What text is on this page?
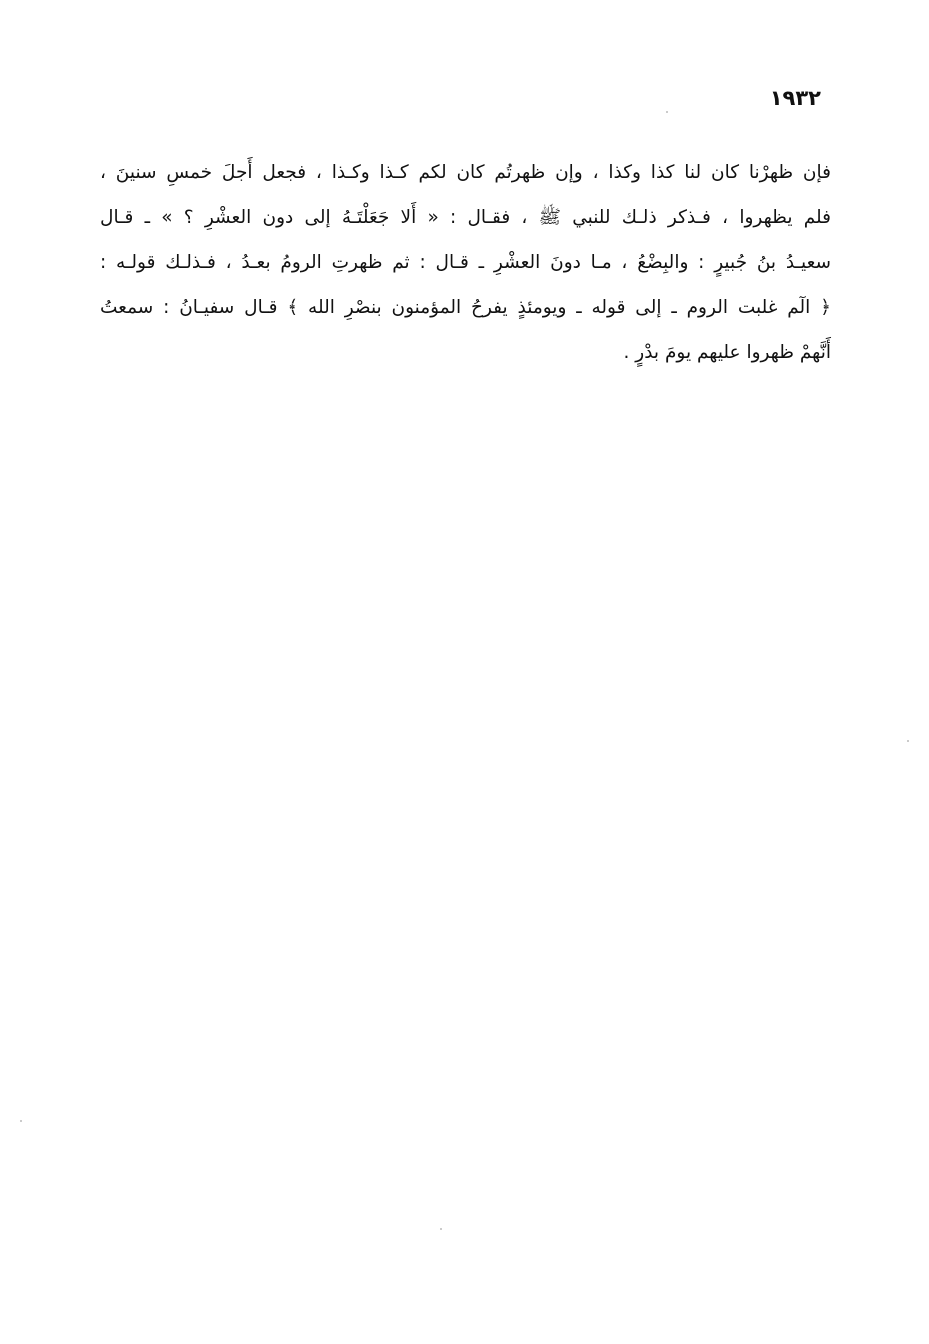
١٩٣٢
فإن ظهرْنا كان لنا كذا وكذا ، وإن ظهرتُم كان لكم كـذا وكـذا ، فجعل أَجلَ خمسِ سنينَ ،
فلم يظهروا ، فـذكر ذلـك للنبي ﷺ ، فقـال : « أَلا جَعَلْتَـهُ إلى دون العشْرِ ؟ » ـ قـال
سعيـدُ بنُ جُبيرٍ : والبِضْعُ ، مـا دونَ العشْرِ ـ قـال : ثم ظهرتِ الرومُ بعـدُ ، فـذلـك قولـه :
﴿ الٓم غلبت الروم ـ إلى قوله ـ ويومئذٍ يفرحُ المؤمنون بنصْرِ الله ﴾ قـال سفيـانُ : سمعتُ
أَنَّهمْ ظهروا عليهم يومَ بدْرٍ .
